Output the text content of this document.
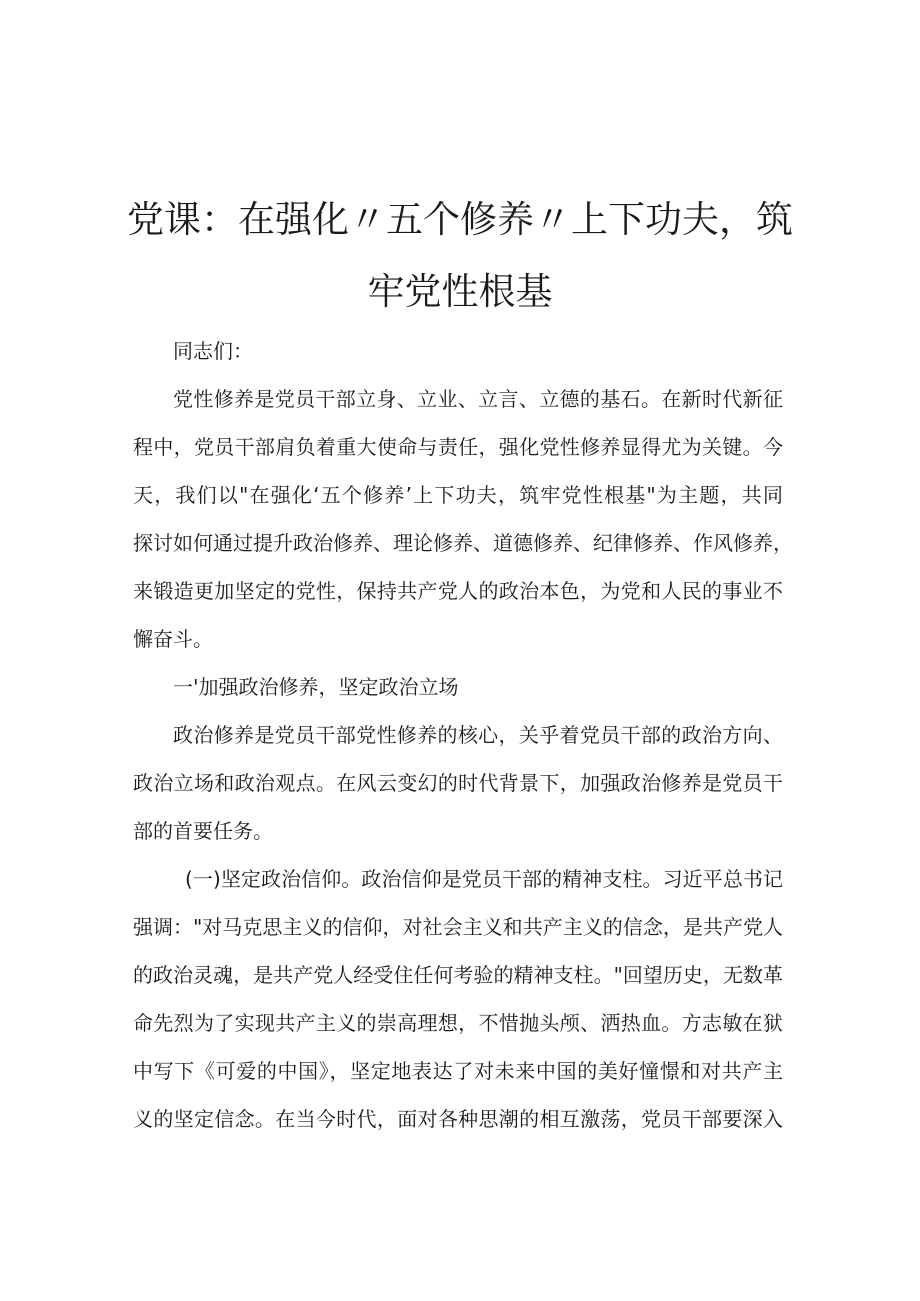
党课：在强化〃五个修养〃上下功夫，筑
牢党性根基
同志们：
党性修养是党员干部立身、立业、立言、立德的基石。在新时代新征
程中，党员干部肩负着重大使命与责任，强化党性修养显得尤为关键。今
天，我们以"在强化‘五个修养’上下功夫，筑牢党性根基"为主题，共同
探讨如何通过提升政治修养、理论修养、道德修养、纪律修养、作风修养，
来锻造更加坚定的党性，保持共产党人的政治本色，为党和人民的事业不
懈奋斗。
一'加强政治修养，坚定政治立场
政治修养是党员干部党性修养的核心，关乎着党员干部的政治方向、
政治立场和政治观点。在风云变幻的时代背景下，加强政治修养是党员干
部的首要任务。
(一)坚定政治信仰。政治信仰是党员干部的精神支柱。习近平总书记
强调："对马克思主义的信仰，对社会主义和共产主义的信念，是共产党人
的政治灵魂，是共产党人经受住任何考验的精神支柱。"回望历史，无数革
命先烈为了实现共产主义的崇高理想，不惜抛头颅、洒热血。方志敏在狱
中写下《可爱的中国》，坚定地表达了对未来中国的美好憧憬和对共产主
义的坚定信念。在当今时代，面对各种思潮的相互激荡，党员干部要深入
